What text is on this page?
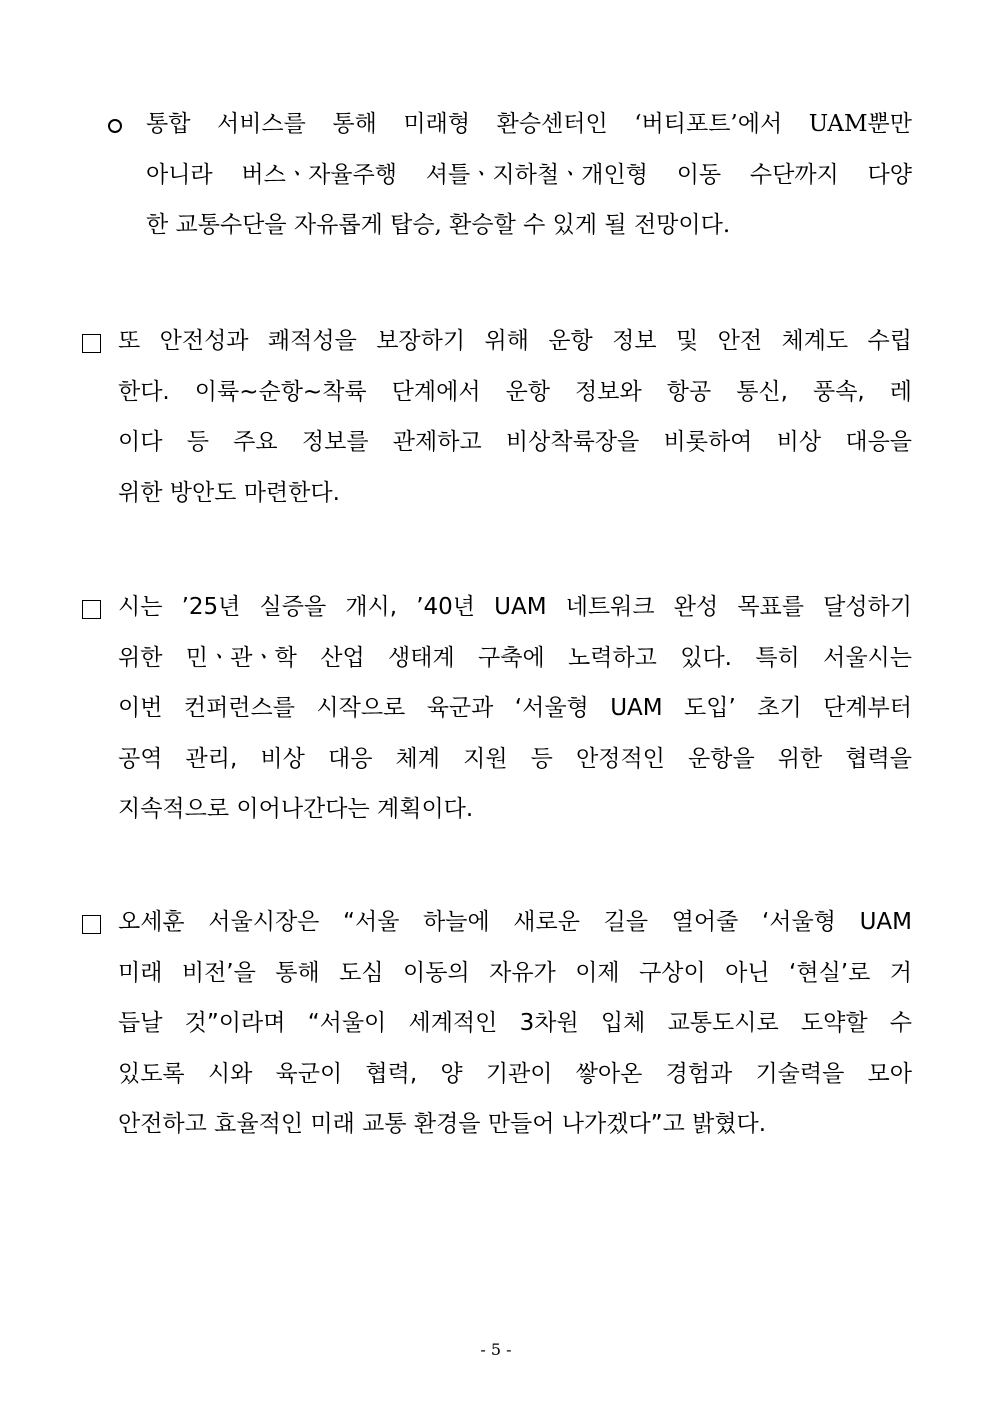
통합 서비스를 통해 미래형 환승센터인 ‘버티포트’에서 UAM뿐만
아니라 버스ㆍ자율주행 셔틀ㆍ지하철ㆍ개인형 이동 수단까지 다양
한 교통수단을 자유롭게 탑승, 환승할 수 있게 될 전망이다.
또 안전성과 쾌적성을 보장하기 위해 운항 정보 및 안전 체계도 수립
한다. 이륙~순항~착륙 단계에서 운항 정보와 항공 통신, 풍속, 레
이다 등 주요 정보를 관제하고 비상착륙장을 비롯하여 비상 대응을
위한 방안도 마련한다.
시는 ’25년 실증을 개시, ’40년 UAM 네트워크 완성 목표를 달성하기
위한 민ㆍ관ㆍ학 산업 생태계 구축에 노력하고 있다. 특히 서울시는
이번 컨퍼런스를 시작으로 육군과 ‘서울형 UAM 도입’ 초기 단계부터
공역 관리, 비상 대응 체계 지원 등 안정적인 운항을 위한 협력을
지속적으로 이어나간다는 계획이다.
오세훈 서울시장은 “서울 하늘에 새로운 길을 열어줄 ‘서울형 UAM
미래 비전’을 통해 도심 이동의 자유가 이제 구상이 아닌 ‘현실’로 거
듭날 것”이라며 “서울이 세계적인 3차원 입체 교통도시로 도약할 수
있도록 시와 육군이 협력, 양 기관이 쌓아온 경험과 기술력을 모아
안전하고 효율적인 미래 교통 환경을 만들어 나가겠다”고 밝혔다.
- 5 -
